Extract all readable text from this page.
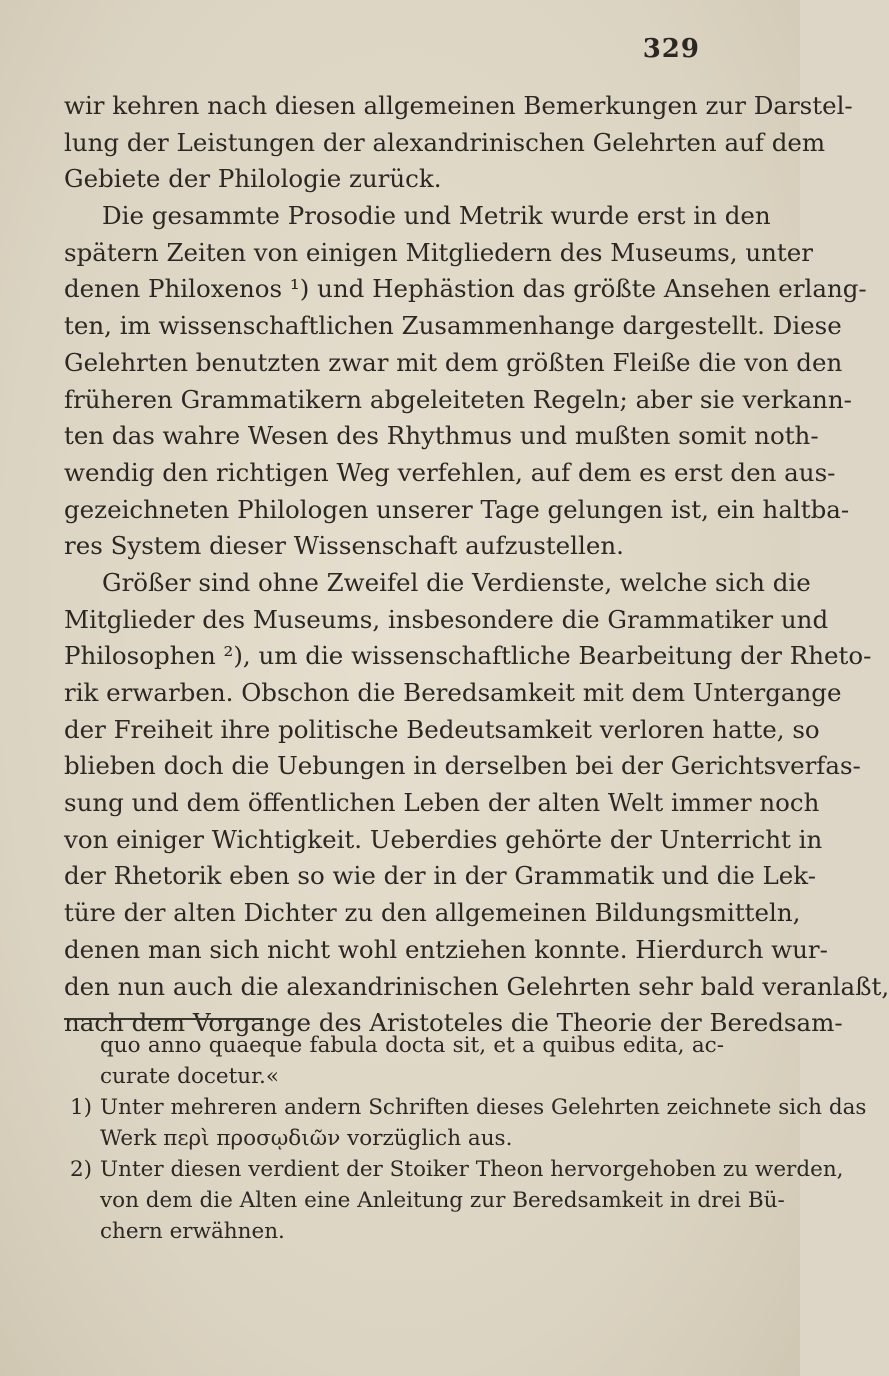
329
wir kehren nach diesen allgemeinen Bemerkungen zur Darstel-
lung der Leistungen der alexandrinischen Gelehrten auf dem
Gebiete der Philologie zurück.
Die gesammte Prosodie und Metrik wurde erst in den
spätern Zeiten von einigen Mitgliedern des Museums, unter
denen Philoxenos ¹) und Hephästion das größte Ansehen erlang-
ten, im wissenschaftlichen Zusammenhange dargestellt. Diese
Gelehrten benutzten zwar mit dem größten Fleiße die von den
früheren Grammatikern abgeleiteten Regeln; aber sie verkann-
ten das wahre Wesen des Rhythmus und mußten somit noth-
wendig den richtigen Weg verfehlen, auf dem es erst den aus-
gezeichneten Philologen unserer Tage gelungen ist, ein haltba-
res System dieser Wissenschaft aufzustellen.
Größer sind ohne Zweifel die Verdienste, welche sich die
Mitglieder des Museums, insbesondere die Grammatiker und
Philosophen ²), um die wissenschaftliche Bearbeitung der Rheto-
rik erwarben. Obschon die Beredsamkeit mit dem Untergange
der Freiheit ihre politische Bedeutsamkeit verloren hatte, so
blieben doch die Uebungen in derselben bei der Gerichtsverfas-
sung und dem öffentlichen Leben der alten Welt immer noch
von einiger Wichtigkeit. Ueberdies gehörte der Unterricht in
der Rhetorik eben so wie der in der Grammatik und die Lek-
türe der alten Dichter zu den allgemeinen Bildungsmitteln,
denen man sich nicht wohl entziehen konnte. Hierdurch wur-
den nun auch die alexandrinischen Gelehrten sehr bald veranlaßt,
nach dem Vorgange des Aristoteles die Theorie der Beredsam-
quo anno quaeque fabula docta sit, et a quibus edita, ac-
curate docetur.«
1) Unter mehreren andern Schriften dieses Gelehrten zeichnete sich das
Werk περὶ προσῳδιῶν vorzüglich aus.
2) Unter diesen verdient der Stoiker Theon hervorgehoben zu werden,
von dem die Alten eine Anleitung zur Beredsamkeit in drei Bü-
chern erwähnen.
